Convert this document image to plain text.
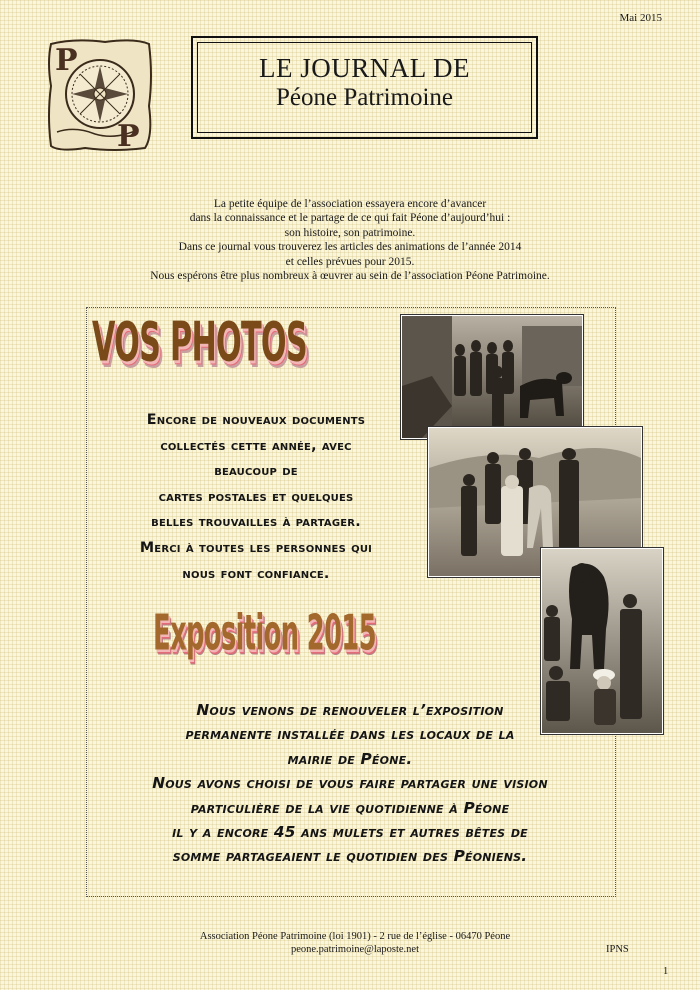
Mai 2015
P
P
LE JOURNAL DE
Péone Patrimoine
La petite équipe de l’association essayera encore d’avancer
dans la connaissance et le partage de ce qui fait Péone d’aujourd’hui :
son histoire, son patrimoine.
Dans ce journal vous trouverez les articles des animations de l’année 2014
et celles prévues pour 2015.
Nous espérons être plus nombreux à œuvrer au sein de l’association Péone Patrimoine.
VOS PHOTOS
Encore de nouveaux documents
collectés cette année, avec
beaucoup de
cartes postales et quelques
belles trouvailles à partager.
Merci à toutes les personnes qui
nous font confiance.
Exposition 2015
Nous venons de renouveler l’exposition
permanente installée dans les locaux de la
mairie de Péone.
Nous avons choisi de vous faire partager une vision
particulière de la vie quotidienne à Péone
il y a encore 45 ans mulets et autres bêtes de
somme partageaient le quotidien des Péoniens.
Association Péone Patrimoine (loi 1901) - 2 rue de l’église - 06470 Péone
peone.patrimoine@laposte.net	IPNS
1
